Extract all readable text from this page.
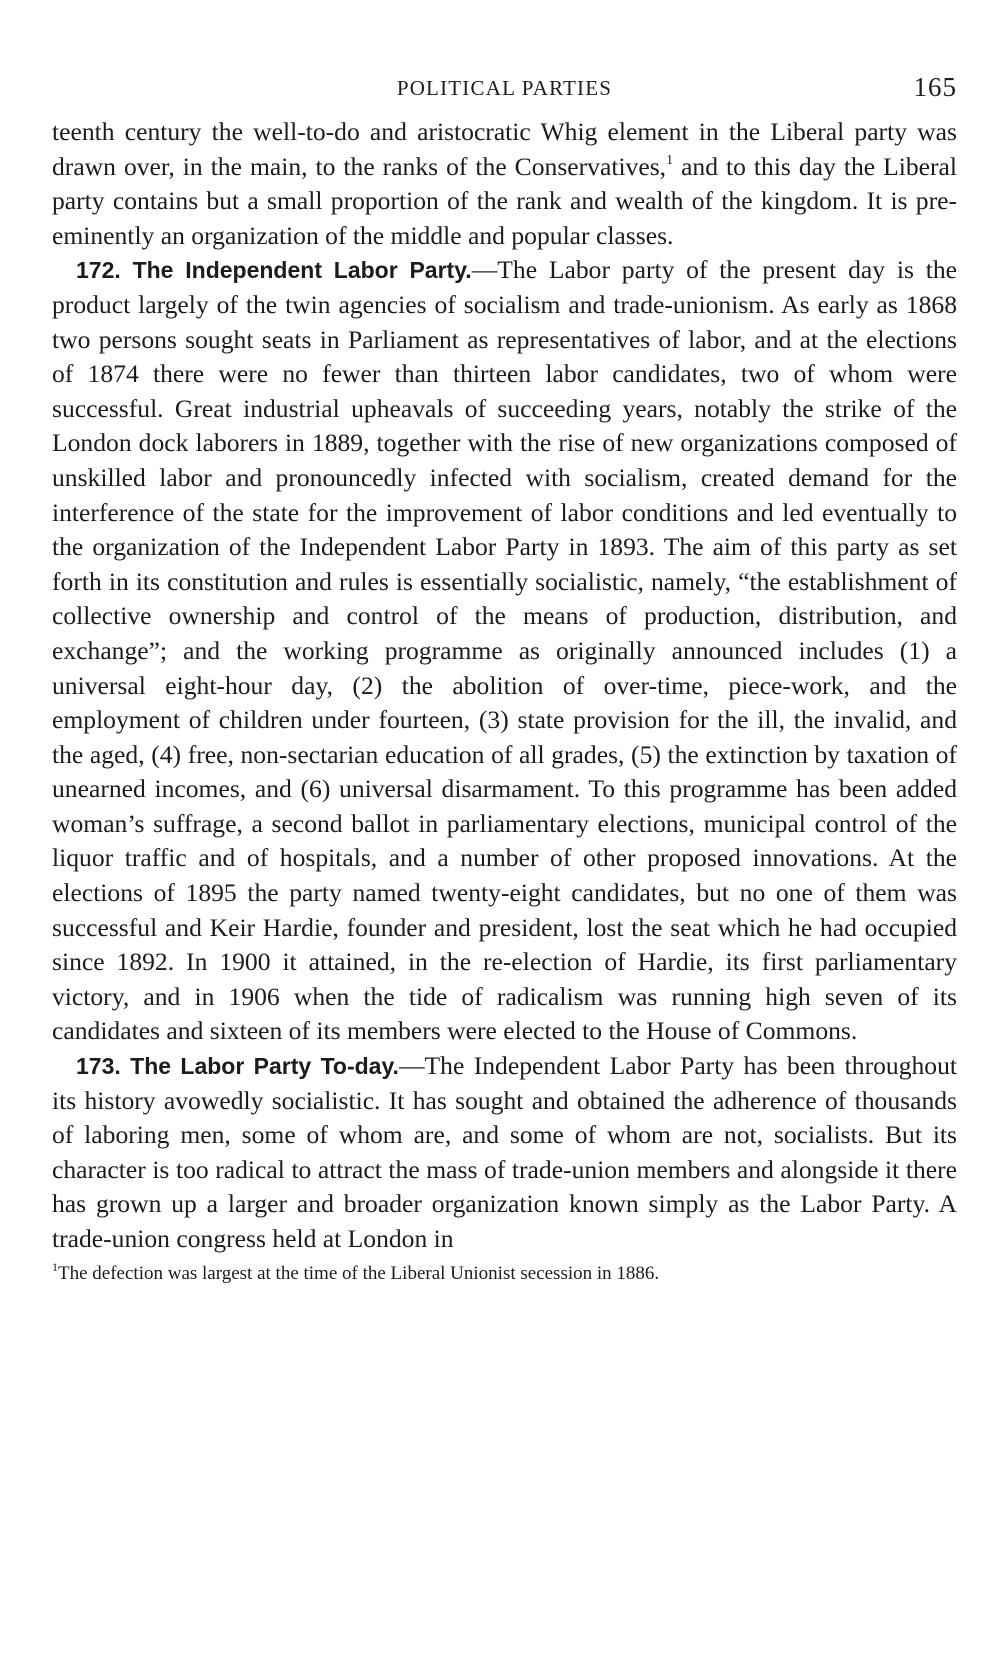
POLITICAL PARTIES	165

teenth century the well-to-do and aristocratic Whig element in the Liberal party was drawn over, in the main, to the ranks of the Conservatives,$^1$ and to this day the Liberal party contains but a small proportion of the rank and wealth of the kingdom. It is pre-eminently an organization of the middle and popular classes.

172. The Independent Labor Party.—The Labor party of the present day is the product largely of the twin agencies of socialism and trade-unionism. As early as 1868 two persons sought seats in Parliament as representatives of labor, and at the elections of 1874 there were no fewer than thirteen labor candidates, two of whom were successful. Great industrial upheavals of succeeding years, notably the strike of the London dock laborers in 1889, together with the rise of new organizations composed of unskilled labor and pronouncedly infected with socialism, created demand for the interference of the state for the improvement of labor conditions and led eventually to the organization of the Independent Labor Party in 1893. The aim of this party as set forth in its constitution and rules is essentially socialistic, namely, “the establishment of collective ownership and control of the means of production, distribution, and exchange”; and the working programme as originally announced includes (1) a universal eight-hour day, (2) the abolition of over-time, piece-work, and the employment of children under fourteen, (3) state provision for the ill, the invalid, and the aged, (4) free, non-sectarian education of all grades, (5) the extinction by taxation of unearned incomes, and (6) universal disarmament. To this programme has been added woman’s suffrage, a second ballot in parliamentary elections, municipal control of the liquor traffic and of hospitals, and a number of other proposed innovations. At the elections of 1895 the party named twenty-eight candidates, but no one of them was successful and Keir Hardie, founder and president, lost the seat which he had occupied since 1892. In 1900 it attained, in the re-election of Hardie, its first parliamentary victory, and in 1906 when the tide of radicalism was running high seven of its candidates and sixteen of its members were elected to the House of Commons.

173. The Labor Party To-day.—The Independent Labor Party has been throughout its history avowedly socialistic. It has sought and obtained the adherence of thousands of laboring men, some of whom are, and some of whom are not, socialists. But its character is too radical to attract the mass of trade-union members and alongside it there has grown up a larger and broader organization known simply as the Labor Party. A trade-union congress held at London in

$^1$The defection was largest at the time of the Liberal Unionist secession in 1886.
